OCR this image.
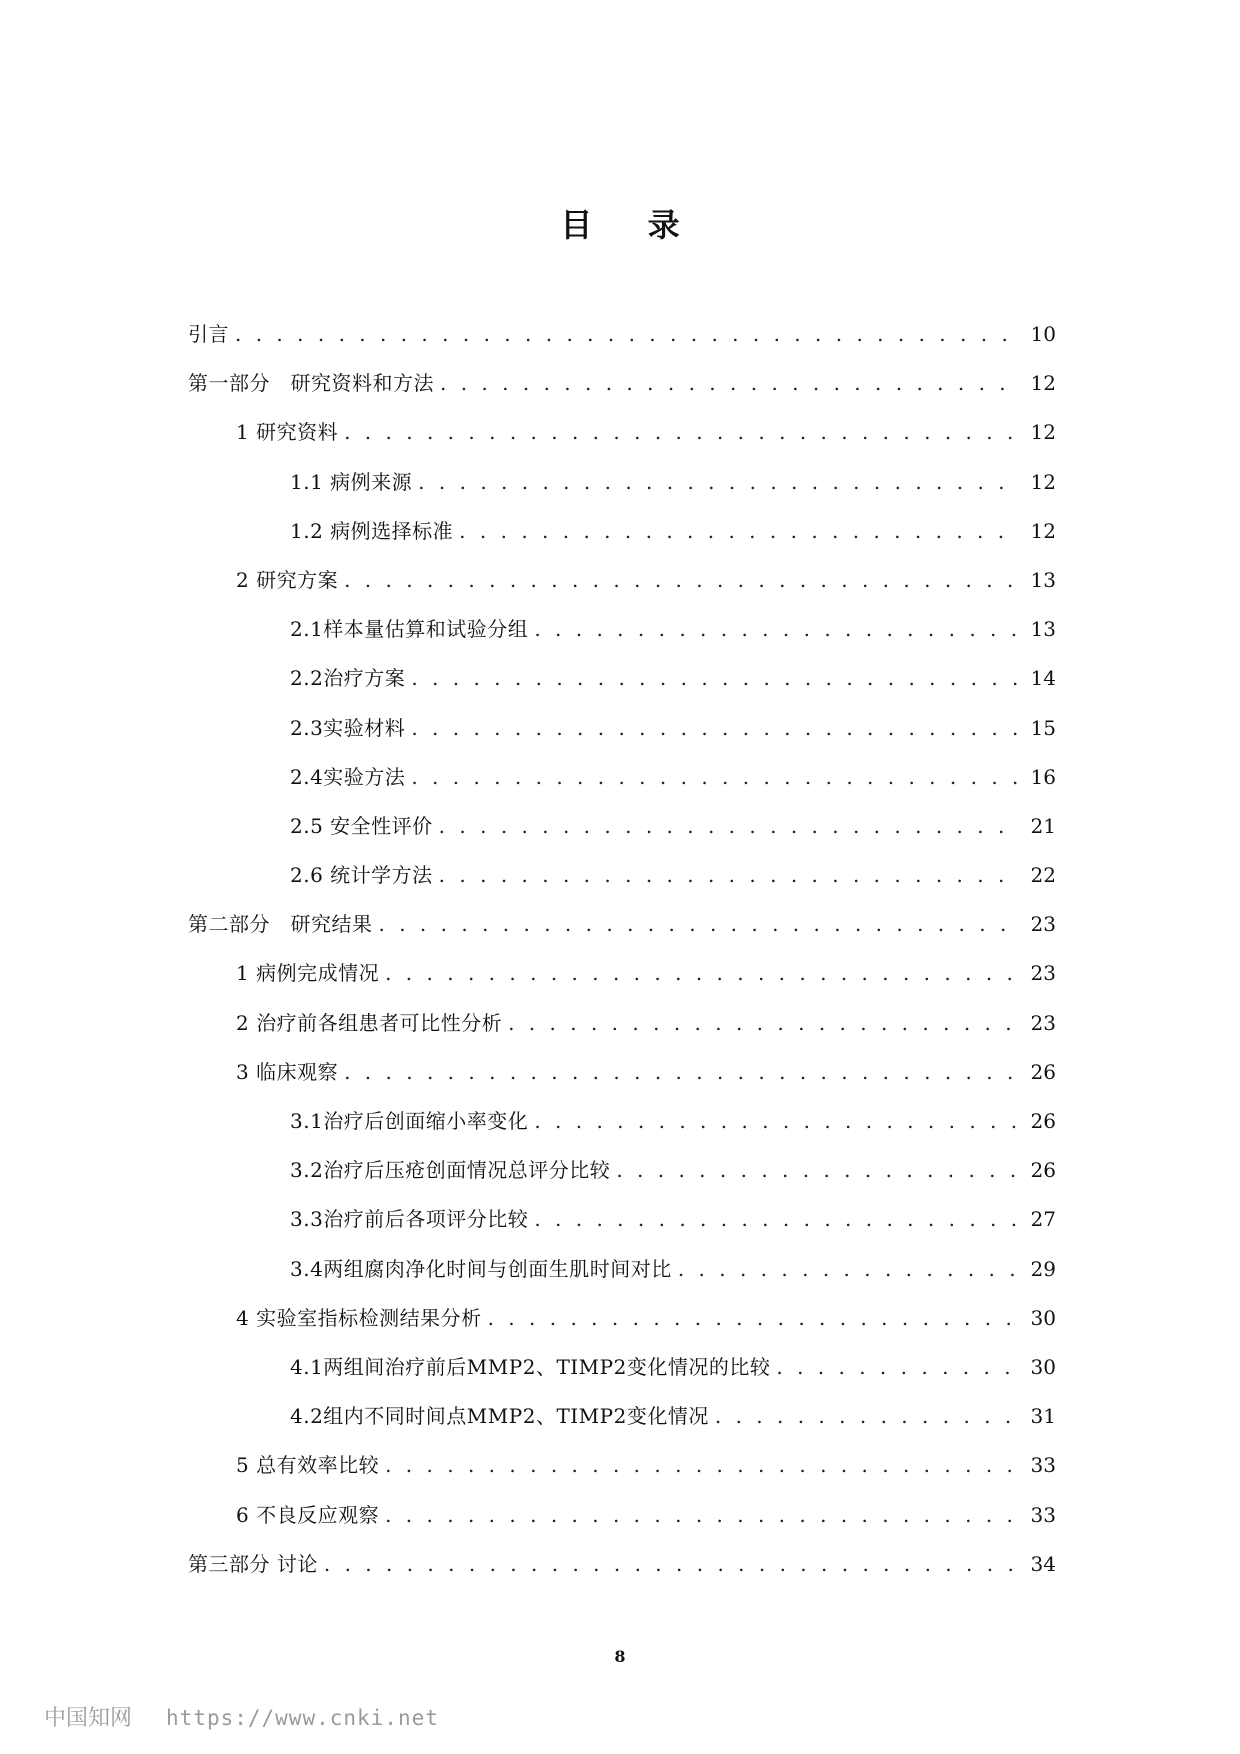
目 录
引言 . . .	10
第一部分　研究资料和方法 . . .	12
1 研究资料 . . .	12
1.1 病例来源 . . .	12
1.2 病例选择标准 . . .	12
2 研究方案 . . .	13
2.1样本量估算和试验分组 . . .	13
2.2治疗方案 . . .	14
2.3实验材料 . . .	15
2.4实验方法 . . .	16
2.5 安全性评价 . . .	21
2.6 统计学方法 . . .	22
第二部分　研究结果 . . .	23
1 病例完成情况 . . .	23
2 治疗前各组患者可比性分析 . . .	23
3 临床观察 . . .	26
3.1治疗后创面缩小率变化 . . .	26
3.2治疗后压疮创面情况总评分比较 . . .	26
3.3治疗前后各项评分比较 . . .	27
3.4两组腐肉净化时间与创面生肌时间对比 . . .	29
4 实验室指标检测结果分析 . . .	30
4.1两组间治疗前后MMP2、TIMP2变化情况的比较 . . .	30
4.2组内不同时间点MMP2、TIMP2变化情况 . . .	31
5 总有效率比较 . . .	33
6 不良反应观察 . . .	33
第三部分 讨论 . . .	34
8
中国知网 https://www.cnki.net
